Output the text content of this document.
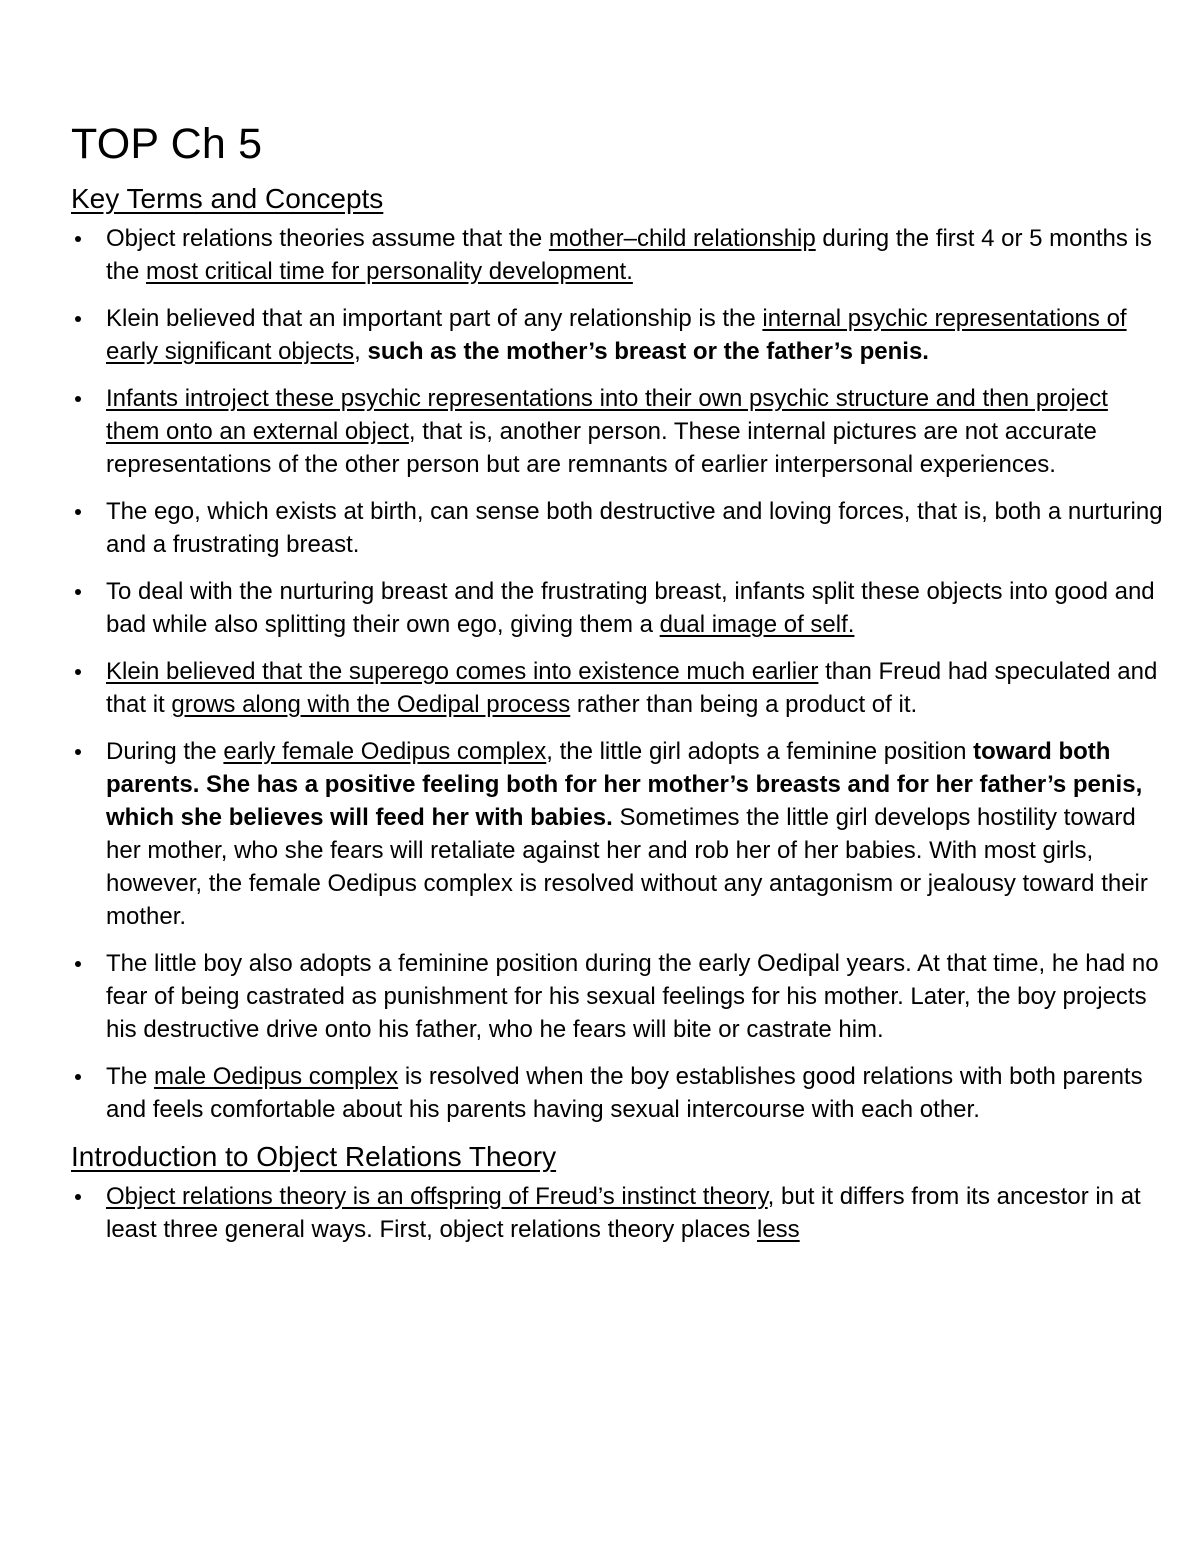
TOP Ch 5
Key Terms and Concepts
Object relations theories assume that the mother–child relationship during the first 4 or 5 months is the most critical time for personality development.
Klein believed that an important part of any relationship is the internal psychic representations of early significant objects, such as the mother’s breast or the father’s penis.
Infants introject these psychic representations into their own psychic structure and then project them onto an external object, that is, another person. These internal pictures are not accurate representations of the other person but are remnants of earlier interpersonal experiences.
The ego, which exists at birth, can sense both destructive and loving forces, that is, both a nurturing and a frustrating breast.
To deal with the nurturing breast and the frustrating breast, infants split these objects into good and bad while also splitting their own ego, giving them a dual image of self.
Klein believed that the superego comes into existence much earlier than Freud had speculated and that it grows along with the Oedipal process rather than being a product of it.
During the early female Oedipus complex, the little girl adopts a feminine position toward both parents. She has a positive feeling both for her mother’s breasts and for her father’s penis, which she believes will feed her with babies. Sometimes the little girl develops hostility toward her mother, who she fears will retaliate against her and rob her of her babies. With most girls, however, the female Oedipus complex is resolved without any antagonism or jealousy toward their mother.
The little boy also adopts a feminine position during the early Oedipal years. At that time, he had no fear of being castrated as punishment for his sexual feelings for his mother. Later, the boy projects his destructive drive onto his father, who he fears will bite or castrate him.
The male Oedipus complex is resolved when the boy establishes good relations with both parents and feels comfortable about his parents having sexual intercourse with each other.
Introduction to Object Relations Theory
Object relations theory is an offspring of Freud’s instinct theory, but it differs from its ancestor in at least three general ways. First, object relations theory places less
